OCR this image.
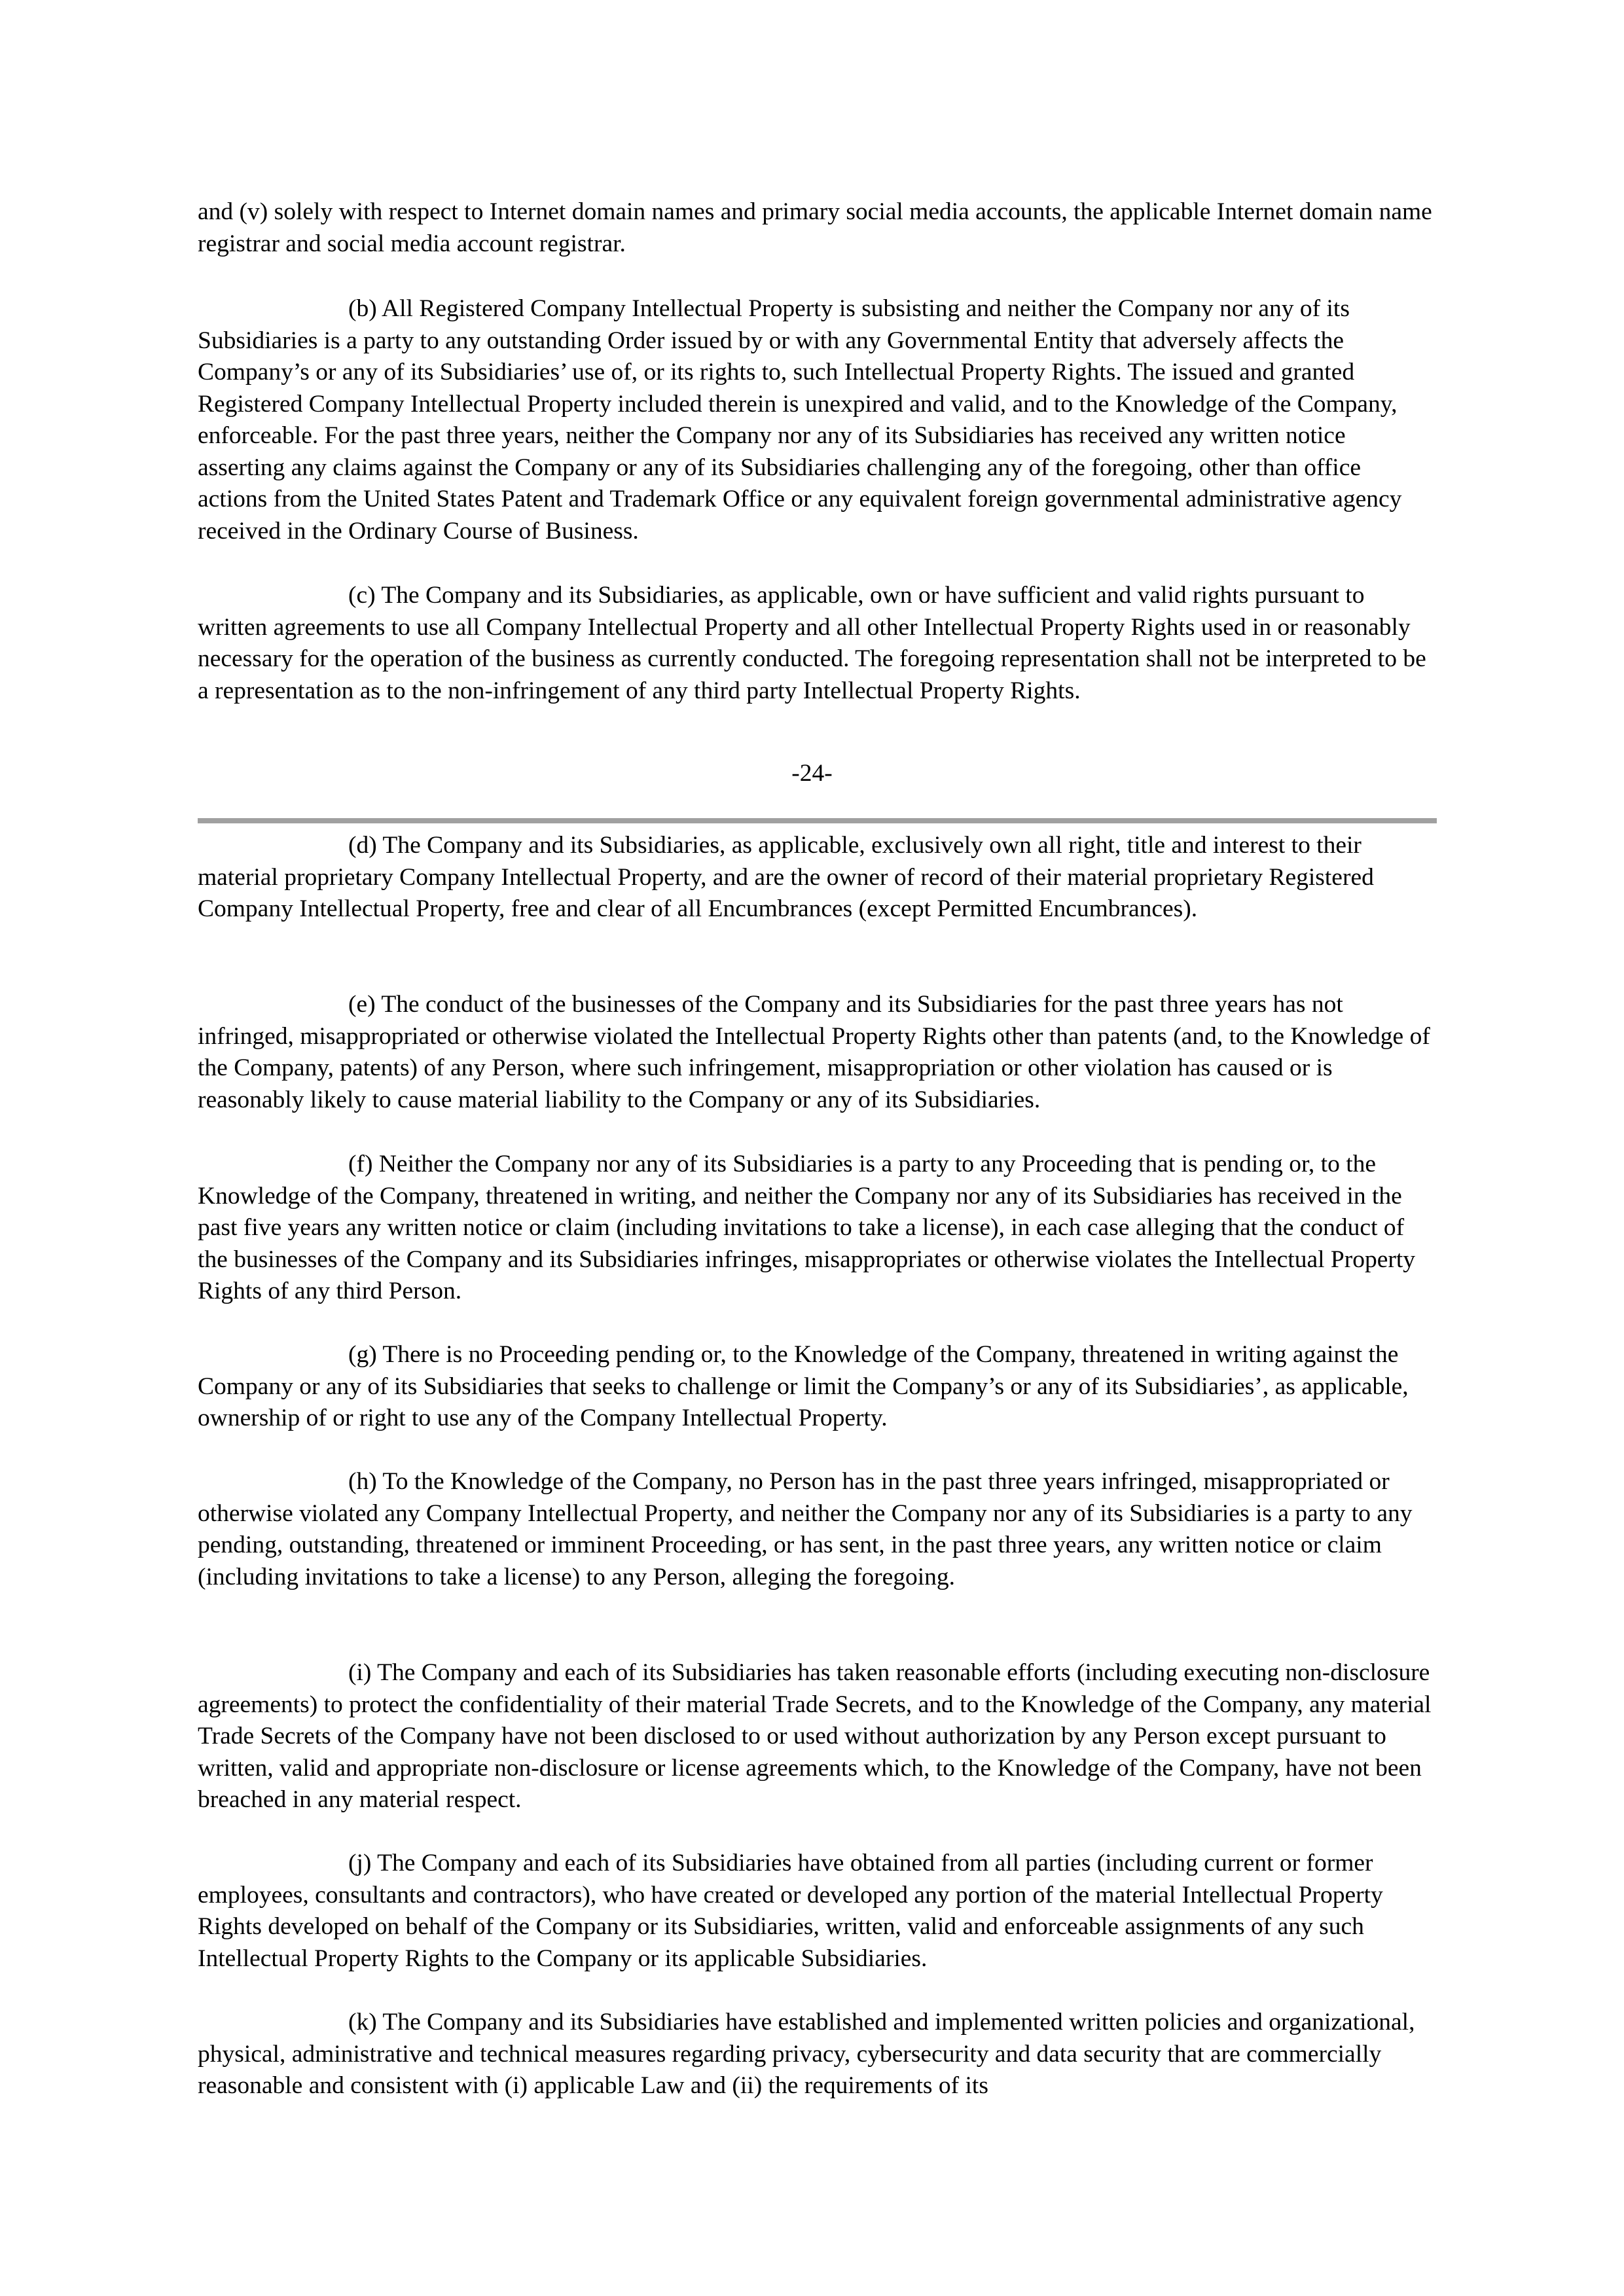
and (v) solely with respect to Internet domain names and primary social media accounts, the applicable Internet domain name registrar and social media account registrar.

(b) All Registered Company Intellectual Property is subsisting and neither the Company nor any of its Subsidiaries is a party to any outstanding Order issued by or with any Governmental Entity that adversely affects the Company’s or any of its Subsidiaries’ use of, or its rights to, such Intellectual Property Rights. The issued and granted Registered Company Intellectual Property included therein is unexpired and valid, and to the Knowledge of the Company, enforceable. For the past three years, neither the Company nor any of its Subsidiaries has received any written notice asserting any claims against the Company or any of its Subsidiaries challenging any of the foregoing, other than office actions from the United States Patent and Trademark Office or any equivalent foreign governmental administrative agency received in the Ordinary Course of Business.

(c) The Company and its Subsidiaries, as applicable, own or have sufficient and valid rights pursuant to written agreements to use all Company Intellectual Property and all other Intellectual Property Rights used in or reasonably necessary for the operation of the business as currently conducted. The foregoing representation shall not be interpreted to be a representation as to the non-infringement of any third party Intellectual Property Rights.

-24-

(d) The Company and its Subsidiaries, as applicable, exclusively own all right, title and interest to their material proprietary Company Intellectual Property, and are the owner of record of their material proprietary Registered Company Intellectual Property, free and clear of all Encumbrances (except Permitted Encumbrances).

(e) The conduct of the businesses of the Company and its Subsidiaries for the past three years has not infringed, misappropriated or otherwise violated the Intellectual Property Rights other than patents (and, to the Knowledge of the Company, patents) of any Person, where such infringement, misappropriation or other violation has caused or is reasonably likely to cause material liability to the Company or any of its Subsidiaries.

(f) Neither the Company nor any of its Subsidiaries is a party to any Proceeding that is pending or, to the Knowledge of the Company, threatened in writing, and neither the Company nor any of its Subsidiaries has received in the past five years any written notice or claim (including invitations to take a license), in each case alleging that the conduct of the businesses of the Company and its Subsidiaries infringes, misappropriates or otherwise violates the Intellectual Property Rights of any third Person.

(g) There is no Proceeding pending or, to the Knowledge of the Company, threatened in writing against the Company or any of its Subsidiaries that seeks to challenge or limit the Company’s or any of its Subsidiaries’, as applicable, ownership of or right to use any of the Company Intellectual Property.

(h) To the Knowledge of the Company, no Person has in the past three years infringed, misappropriated or otherwise violated any Company Intellectual Property, and neither the Company nor any of its Subsidiaries is a party to any pending, outstanding, threatened or imminent Proceeding, or has sent, in the past three years, any written notice or claim (including invitations to take a license) to any Person, alleging the foregoing.

(i) The Company and each of its Subsidiaries has taken reasonable efforts (including executing non-disclosure agreements) to protect the confidentiality of their material Trade Secrets, and to the Knowledge of the Company, any material Trade Secrets of the Company have not been disclosed to or used without authorization by any Person except pursuant to written, valid and appropriate non-disclosure or license agreements which, to the Knowledge of the Company, have not been breached in any material respect.

(j) The Company and each of its Subsidiaries have obtained from all parties (including current or former employees, consultants and contractors), who have created or developed any portion of the material Intellectual Property Rights developed on behalf of the Company or its Subsidiaries, written, valid and enforceable assignments of any such Intellectual Property Rights to the Company or its applicable Subsidiaries.

(k) The Company and its Subsidiaries have established and implemented written policies and organizational, physical, administrative and technical measures regarding privacy, cybersecurity and data security that are commercially reasonable and consistent with (i) applicable Law and (ii) the requirements of its
